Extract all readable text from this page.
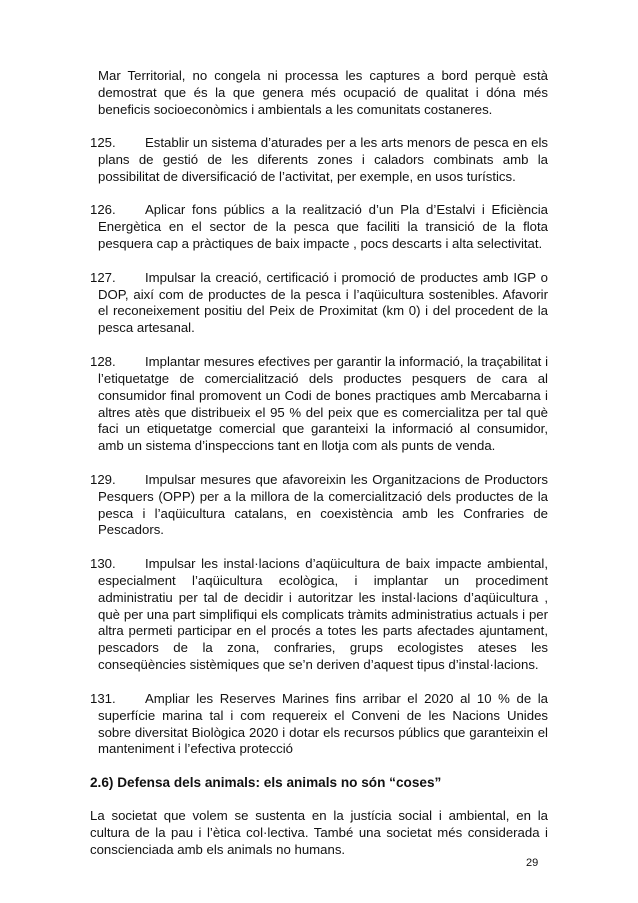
Mar Territorial, no congela ni processa les captures a bord perquè està demostrat que és la que genera més ocupació de qualitat i dóna més beneficis socioeconòmics i ambientals a les comunitats costaneres.

125. Establir un sistema d’aturades per a les arts menors de pesca en els plans de gestió de les diferents zones i caladors combinats amb la possibilitat de diversificació de l’activitat, per exemple, en usos turístics.

126. Aplicar fons públics a la realització d’un Pla d’Estalvi i Eficiència Energètica en el sector de la pesca que faciliti la transició de la flota pesquera cap a pràctiques de baix impacte , pocs descarts i alta selectivitat.

127. Impulsar la creació, certificació i promoció de productes amb IGP o DOP, així com de productes de la pesca i l’aqüicultura sostenibles. Afavorir el reconeixement positiu del Peix de Proximitat (km 0) i del procedent de la pesca artesanal.

128. Implantar mesures efectives per garantir la informació, la traçabilitat i l’etiquetatge de comercialització dels productes pesquers de cara al consumidor final promovent un Codi de bones practiques amb Mercabarna i altres atès que distribueix el 95 % del peix que es comercialitza per tal què faci un etiquetatge comercial que garanteixi la informació al consumidor, amb un sistema d’inspeccions tant en llotja com als punts de venda.

129. Impulsar mesures que afavoreixin les Organitzacions de Productors Pesquers (OPP) per a la millora de la comercialització dels productes de la pesca i l’aqüicultura catalans, en coexistència amb les Confraries de Pescadors.

130. Impulsar les instal·lacions d’aqüicultura de baix impacte ambiental, especialment l’aqüicultura ecològica, i implantar un procediment administratiu per tal de decidir i autoritzar les instal·lacions d’aqüicultura , què per una part simplifiqui els complicats tràmits administratius actuals i per altra permeti participar en el procés a totes les parts afectades ajuntament, pescadors de la zona, confraries, grups ecologistes ateses les conseqüències sistèmiques que se’n deriven d’aquest tipus d’instal·lacions.

131. Ampliar les Reserves Marines fins arribar el 2020 al 10 % de la superfície marina tal i com requereix el Conveni de les Nacions Unides sobre diversitat Biològica 2020 i dotar els recursos públics que garanteixin el manteniment i l’efectiva protecció

2.6) Defensa dels animals: els animals no són “coses”

La societat que volem se sustenta en la justícia social i ambiental, en la cultura de la pau i l’ètica col·lectiva. També una societat més considerada i conscienciada amb els animals no humans.

29
